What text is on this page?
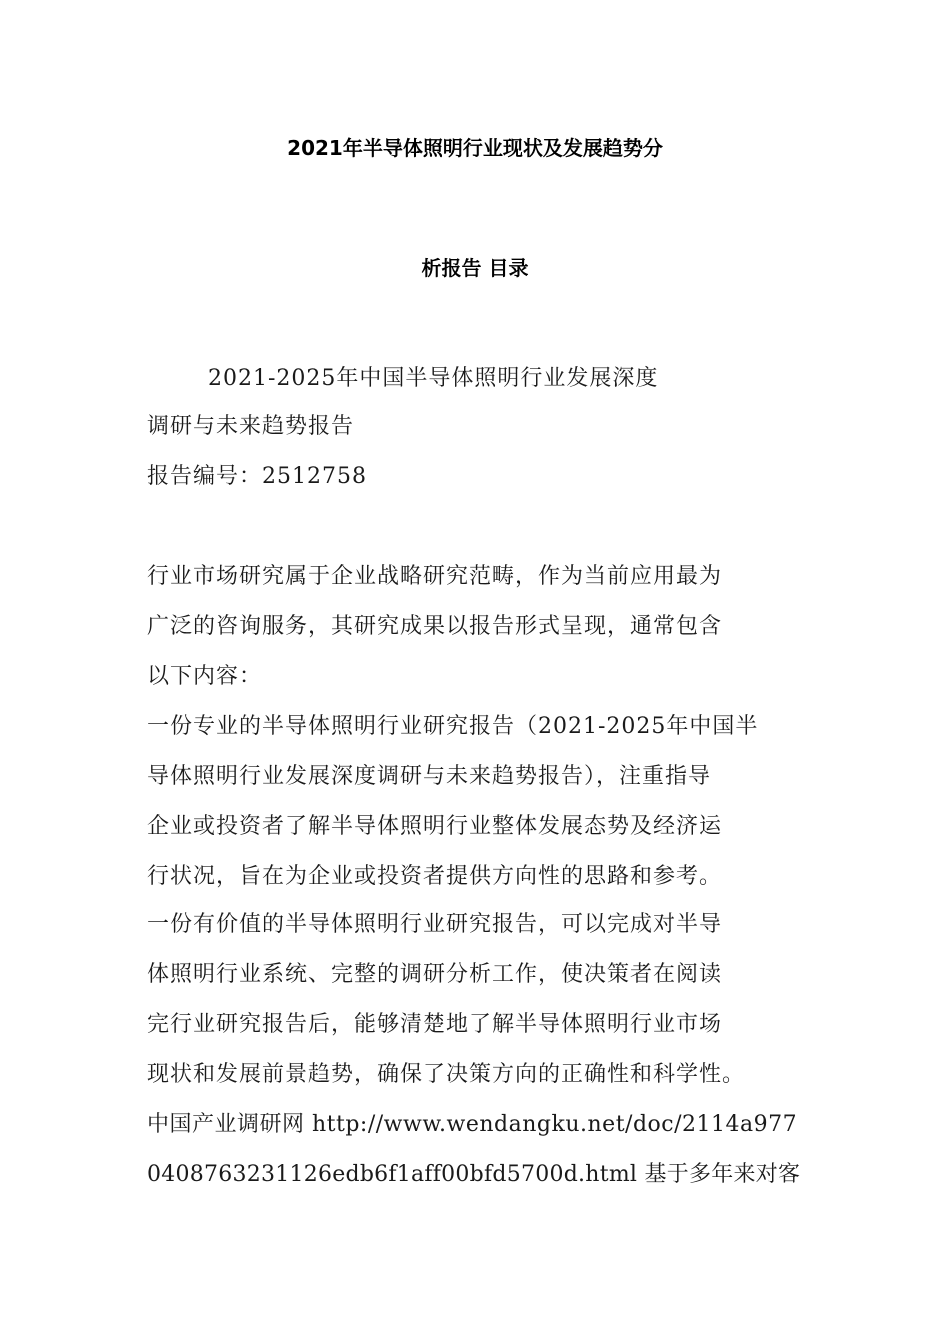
2021年半导体照明行业现状及发展趋势分
析报告 目录
2021-2025年中国半导体照明行业发展深度
调研与未来趋势报告
报告编号：2512758
行业市场研究属于企业战略研究范畴，作为当前应用最为
广泛的咨询服务，其研究成果以报告形式呈现，通常包含
以下内容：
一份专业的半导体照明行业研究报告（2021-2025年中国半
导体照明行业发展深度调研与未来趋势报告），注重指导
企业或投资者了解半导体照明行业整体发展态势及经济运
行状况，旨在为企业或投资者提供方向性的思路和参考。
一份有价值的半导体照明行业研究报告，可以完成对半导
体照明行业系统、完整的调研分析工作，使决策者在阅读
完行业研究报告后，能够清楚地了解半导体照明行业市场
现状和发展前景趋势，确保了决策方向的正确性和科学性。
中国产业调研网 http://www.wendangku.net/doc/2114a977
0408763231126edb6f1aff00bfd5700d.html 基于多年来对客
